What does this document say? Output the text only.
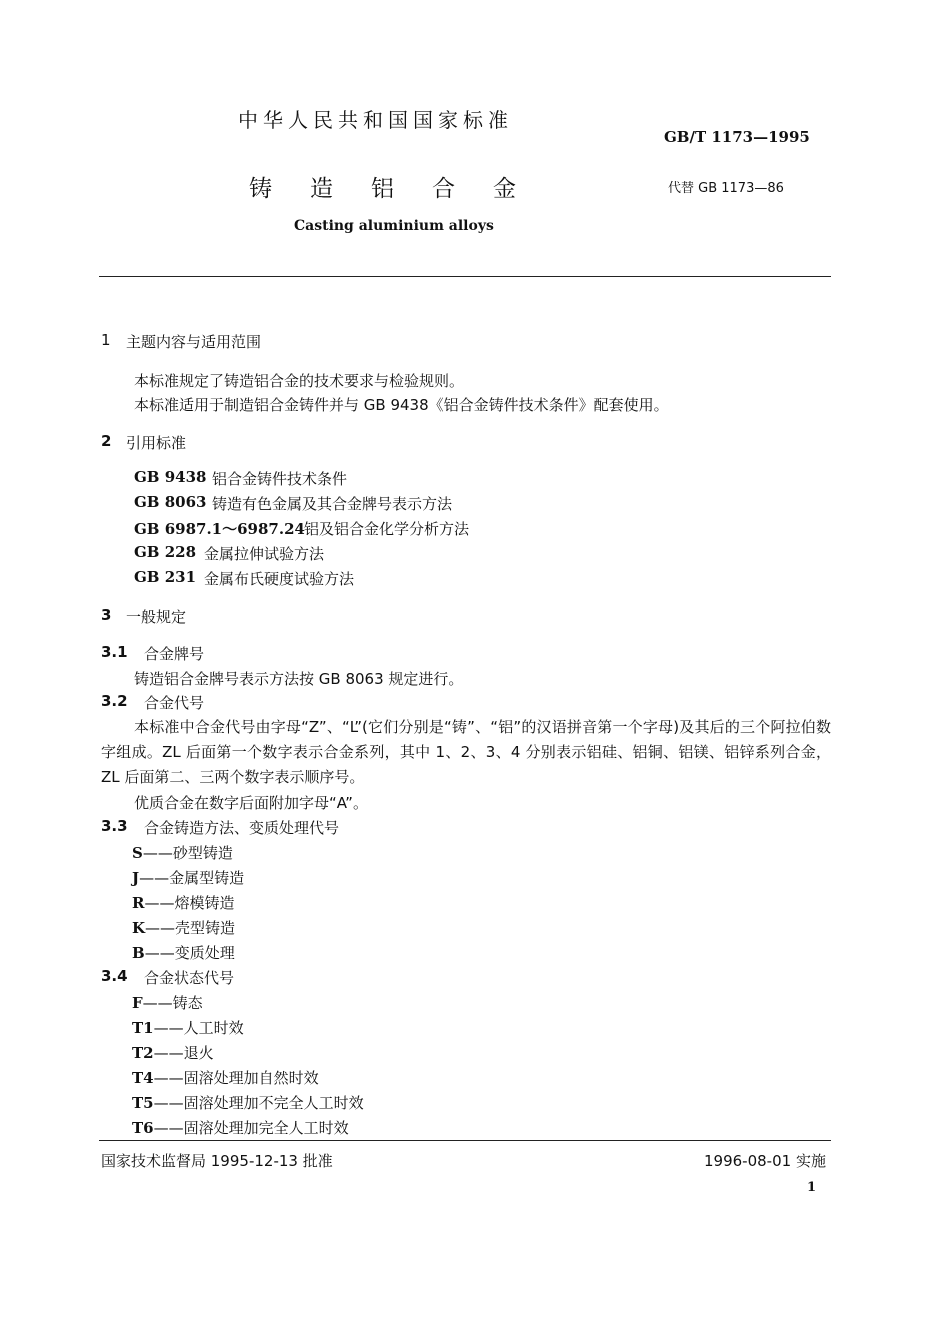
中华人民共和国国家标准
GB/T 1173—1995
铸造铝合金	代替 GB 1173—86
Casting aluminium alloys
1 主题内容与适用范围
本标准规定了铸造铝合金的技术要求与检验规则。
本标准适用于制造铝合金铸件并与 GB 9438《铝合金铸件技术条件》配套使用。
2 引用标准
GB 9438 铝合金铸件技术条件
GB 8063 铸造有色金属及其合金牌号表示方法
GB 6987.1～6987.24 铝及铝合金化学分析方法
GB 228 金属拉伸试验方法
GB 231 金属布氏硬度试验方法
3 一般规定
3.1 合金牌号
铸造铝合金牌号表示方法按 GB 8063 规定进行。
3.2 合金代号
本标准中合金代号由字母“Z”、“L”(它们分别是“铸”、“铝”的汉语拼音第一个字母)及其后的三个阿拉伯数字组成。ZL 后面第一个数字表示合金系列，其中 1、2、3、4 分别表示铝硅、铝铜、铝镁、铝锌系列合金，ZL 后面第二、三两个数字表示顺序号。
优质合金在数字后面附加字母“A”。
3.3 合金铸造方法、变质处理代号
S——砂型铸造
J——金属型铸造
R——熔模铸造
K——壳型铸造
B——变质处理
3.4 合金状态代号
F——铸态
T1——人工时效
T2——退火
T4——固溶处理加自然时效
T5——固溶处理加不完全人工时效
T6——固溶处理加完全人工时效
国家技术监督局 1995-12-13 批准	1996-08-01 实施
1
